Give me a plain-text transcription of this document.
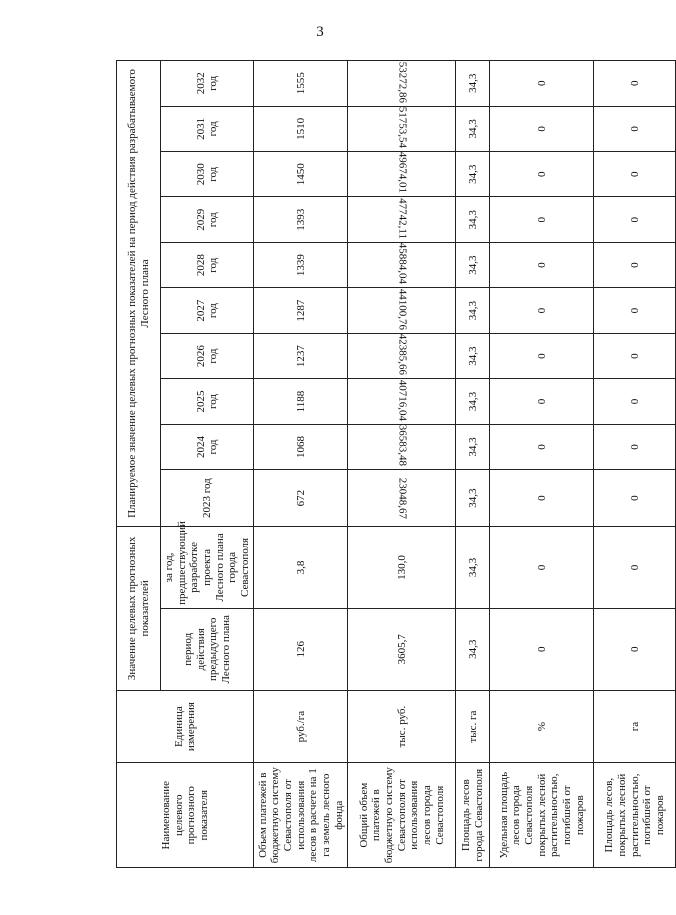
3
Наименование целевого прогнозного показателя	Единица измерения	Значение целевых прогнозных показателей		Планируемое значение целевых прогнозных показателей на период действия разрабатываемого Лесного плана									
		период действия предыдущего Лесного плана	за год, предшествующий разработке проекта Лесного плана города Севастополя	2023 год	2024 год	2025 год	2026 год	2027 год	2028 год	2029 год	2030 год	2031 год	2032 год
Объем платежей в бюджетную систему Севастополя от использования лесов в расчете на 1 га земель лесного фонда	руб./га	126	3,8	672	1068	1188	1237	1287	1339	1393	1450	1510	1555
Общий объем платежей в бюджетную систему Севастополя от использования лесов города Севастополя	тыс. руб.	3605,7	130,0	23048,67	36583,48	40716,04	42385,66	44100,76	45884,04	47742,11	49674,01	51753,54	53272,86
Площадь лесов города Севастополя	тыс. га	34,3	34,3	34,3	34,3	34,3	34,3	34,3	34,3	34,3	34,3	34,3	34,3
Удельная площадь лесов города Севастополя покрытых лесной растительностью, погибшей от пожаров	%	0	0	0	0	0	0	0	0	0	0	0	0
Площадь лесов, покрытых лесной растительностью, погибшей от пожаров	га	0	0	0	0	0	0	0	0	0	0	0	0
